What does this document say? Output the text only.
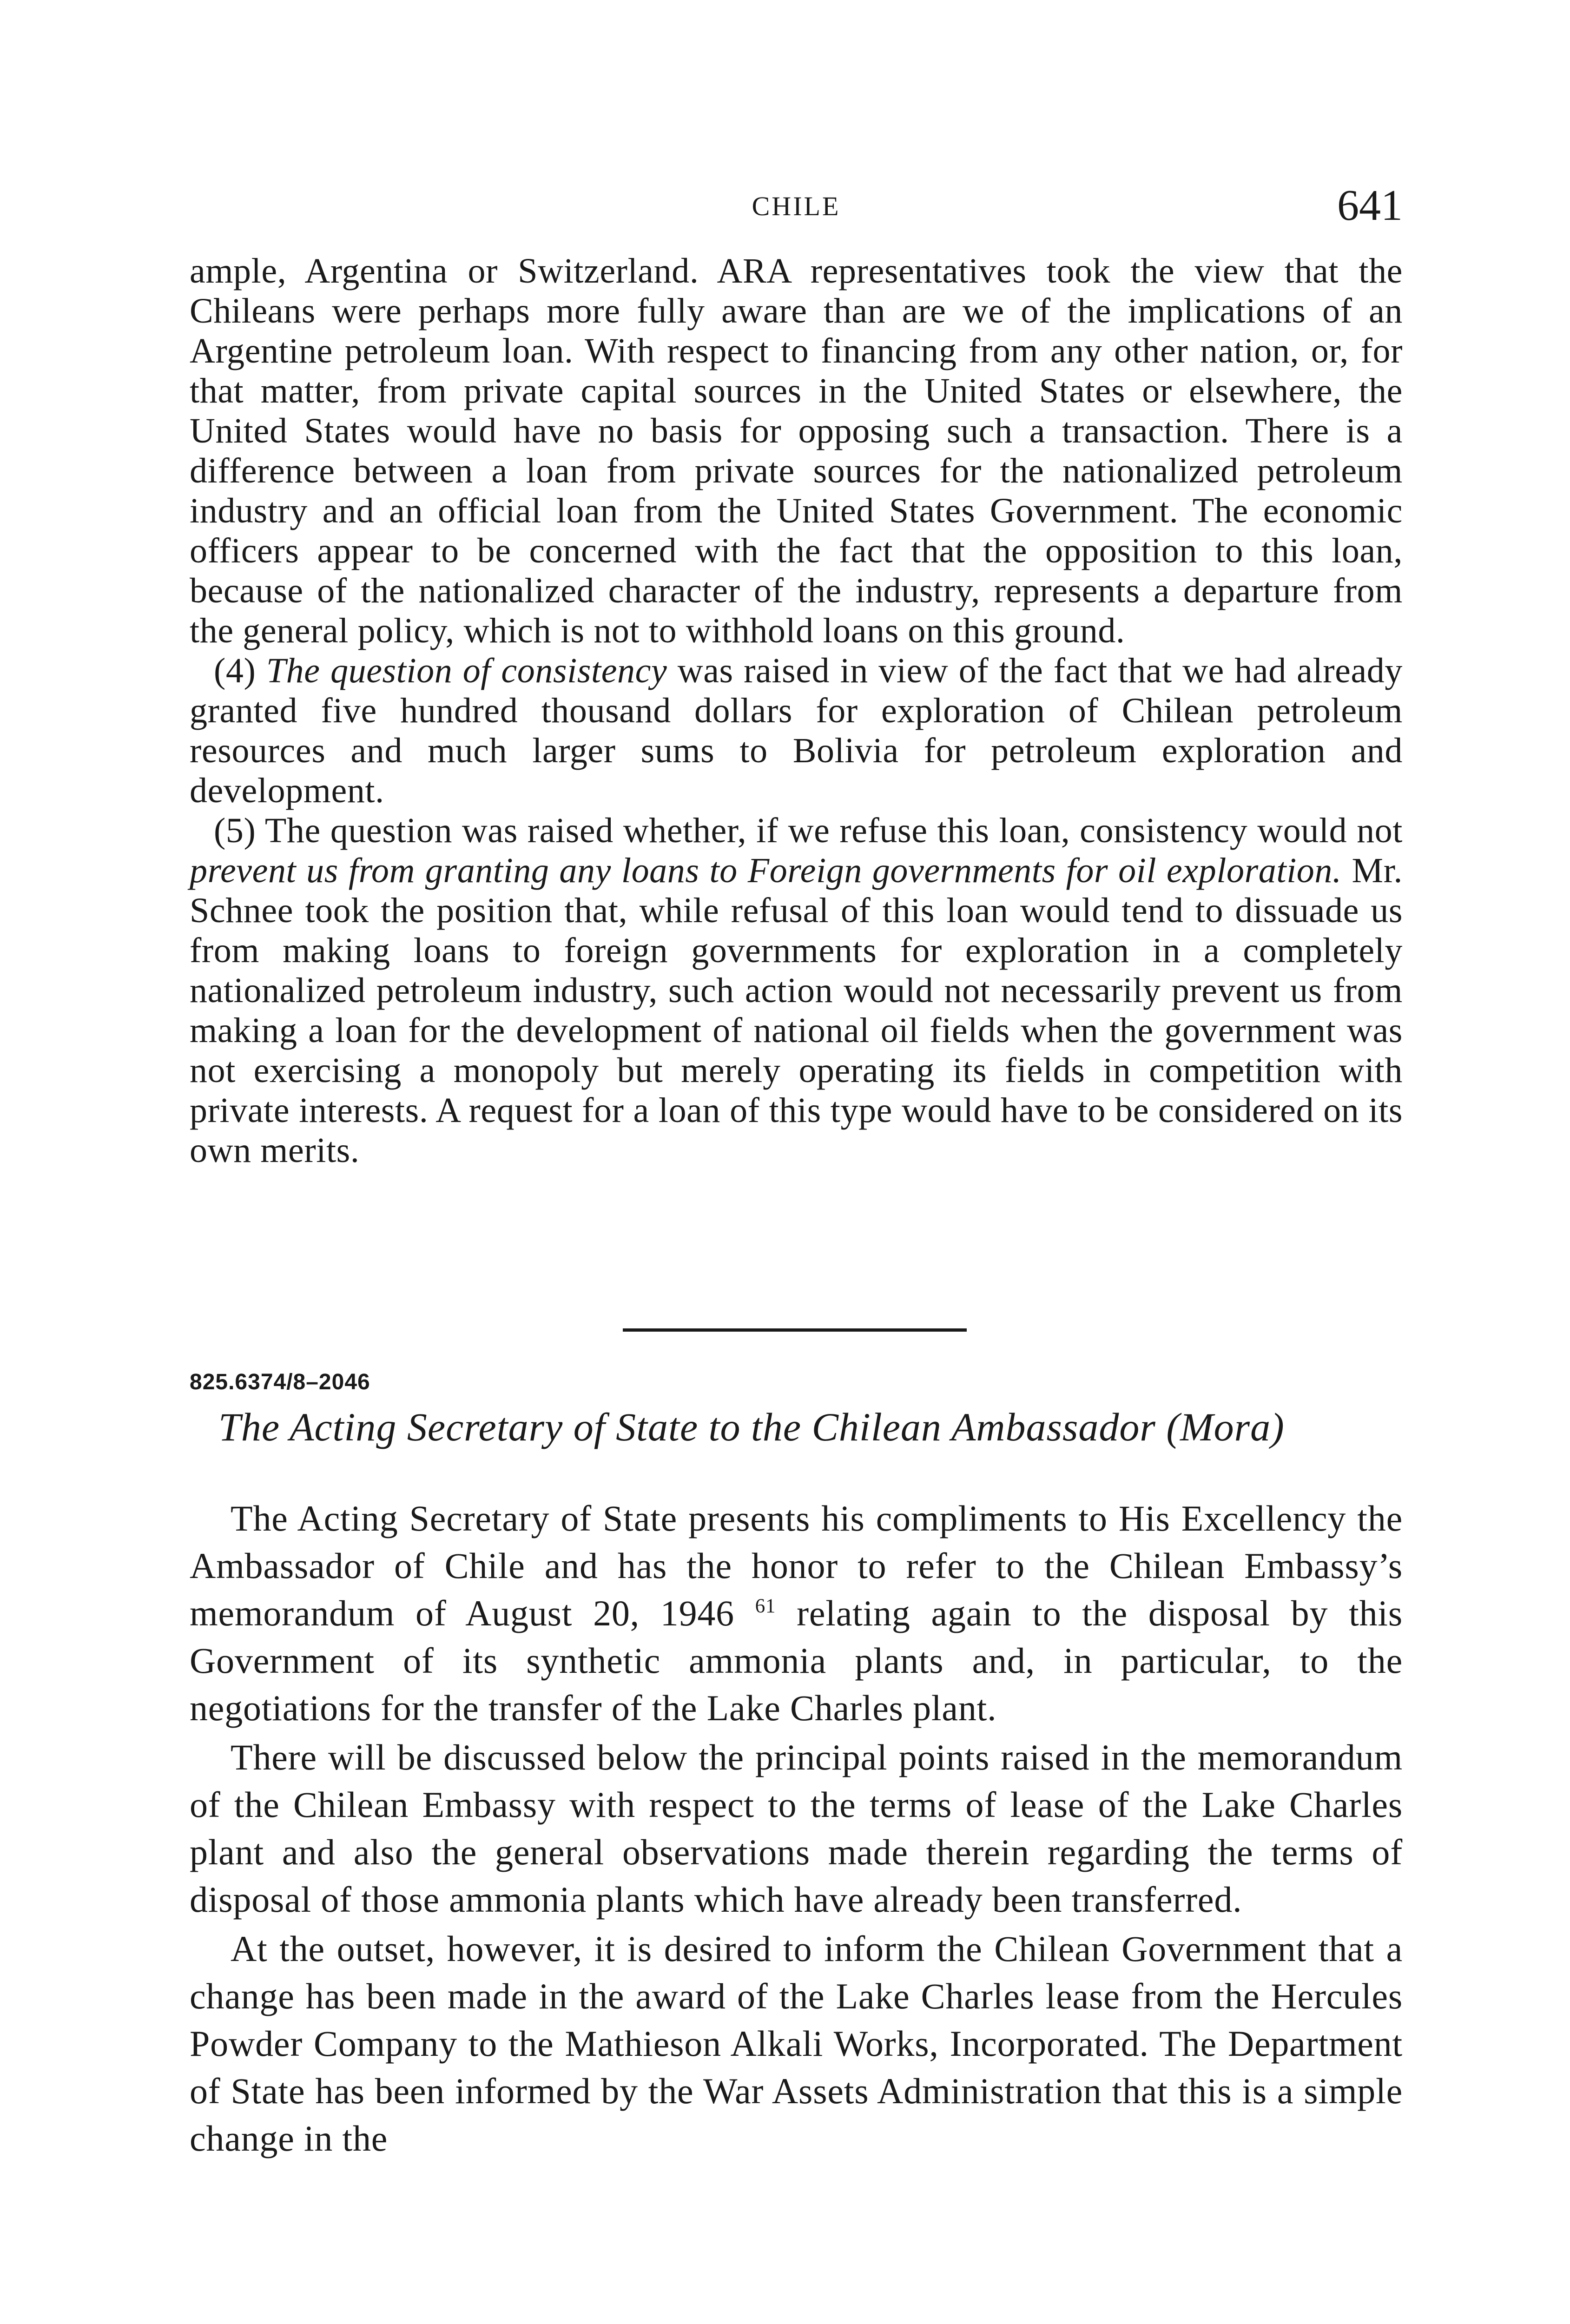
CHILE	641

ample, Argentina or Switzerland. ARA representatives took the view that the Chileans were perhaps more fully aware than are we of the implications of an Argentine petroleum loan. With respect to financing from any other nation, or, for that matter, from private capital sources in the United States or elsewhere, the United States would have no basis for opposing such a transaction. There is a difference between a loan from private sources for the nationalized petroleum industry and an official loan from the United States Government. The economic officers appear to be concerned with the fact that the opposition to this loan, because of the nationalized character of the industry, represents a departure from the general policy, which is not to withhold loans on this ground.

(4) The question of consistency was raised in view of the fact that we had already granted five hundred thousand dollars for exploration of Chilean petroleum resources and much larger sums to Bolivia for petroleum exploration and development.

(5) The question was raised whether, if we refuse this loan, consistency would not prevent us from granting any loans to Foreign governments for oil exploration. Mr. Schnee took the position that, while refusal of this loan would tend to dissuade us from making loans to foreign governments for exploration in a completely nationalized petroleum industry, such action would not necessarily prevent us from making a loan for the development of national oil fields when the government was not exercising a monopoly but merely operating its fields in competition with private interests. A request for a loan of this type would have to be considered on its own merits.

825.6374/8–2046
The Acting Secretary of State to the Chilean Ambassador (Mora)

The Acting Secretary of State presents his compliments to His Excellency the Ambassador of Chile and has the honor to refer to the Chilean Embassy’s memorandum of August 20, 1946 $^{61}$ relating again to the disposal by this Government of its synthetic ammonia plants and, in particular, to the negotiations for the transfer of the Lake Charles plant.

There will be discussed below the principal points raised in the memorandum of the Chilean Embassy with respect to the terms of lease of the Lake Charles plant and also the general observations made therein regarding the terms of disposal of those ammonia plants which have already been transferred.

At the outset, however, it is desired to inform the Chilean Government that a change has been made in the award of the Lake Charles lease from the Hercules Powder Company to the Mathieson Alkali Works, Incorporated. The Department of State has been informed by the War Assets Administration that this is a simple change in the
